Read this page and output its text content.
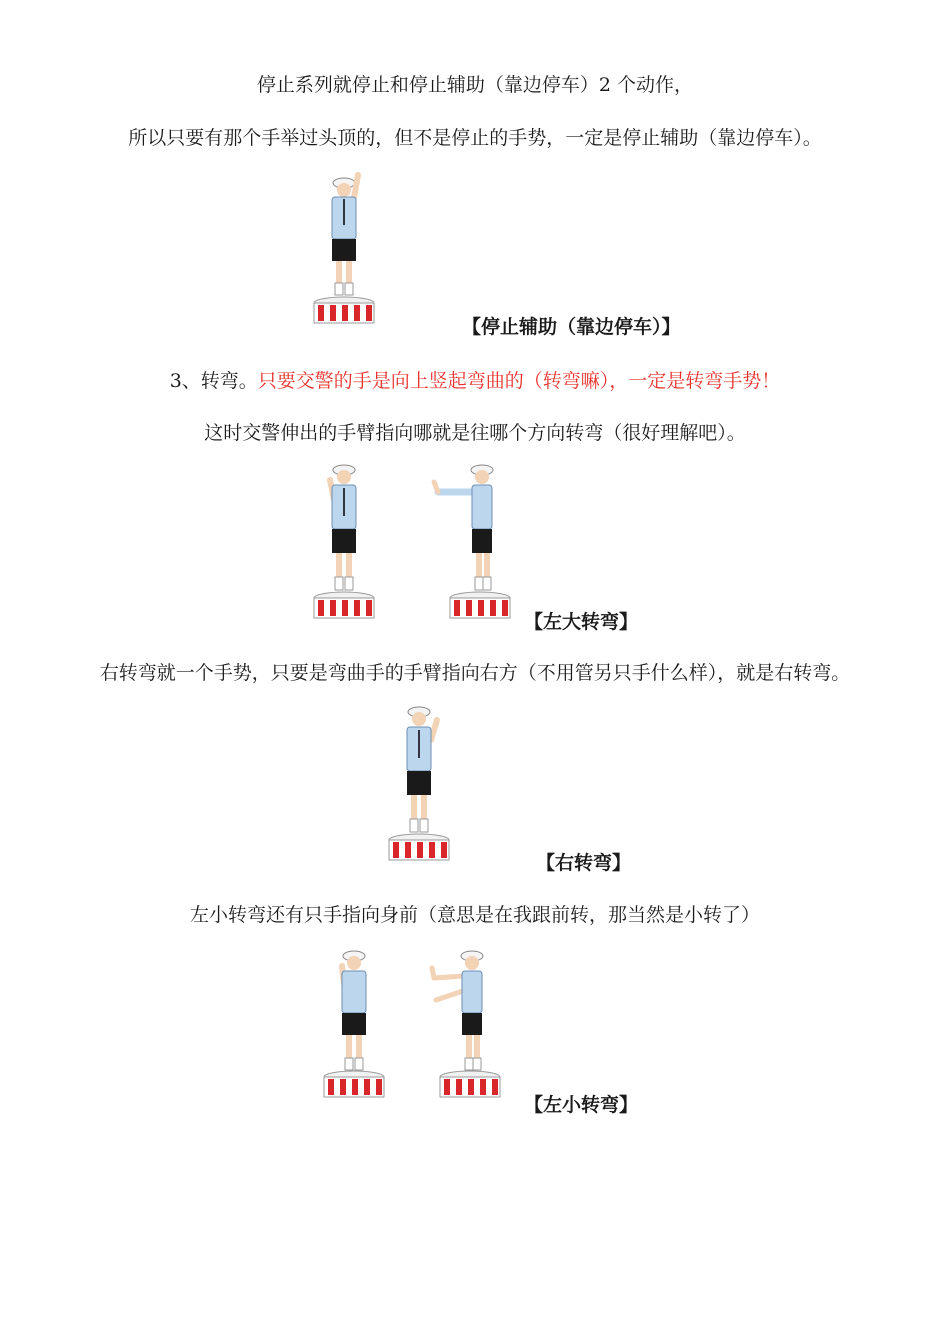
停止系列就停止和停止辅助（靠边停车）2 个动作，
所以只要有那个手举过头顶的，但不是停止的手势，一定是停止辅助（靠边停车）。
【停止辅助（靠边停车）】
3、转弯。只要交警的手是向上竖起弯曲的（转弯嘛），一定是转弯手势！
这时交警伸出的手臂指向哪就是往哪个方向转弯（很好理解吧）。
【左大转弯】
右转弯就一个手势，只要是弯曲手的手臂指向右方（不用管另只手什么样），就是右转弯。
【右转弯】
左小转弯还有只手指向身前（意思是在我跟前转，那当然是小转了）
【左小转弯】
